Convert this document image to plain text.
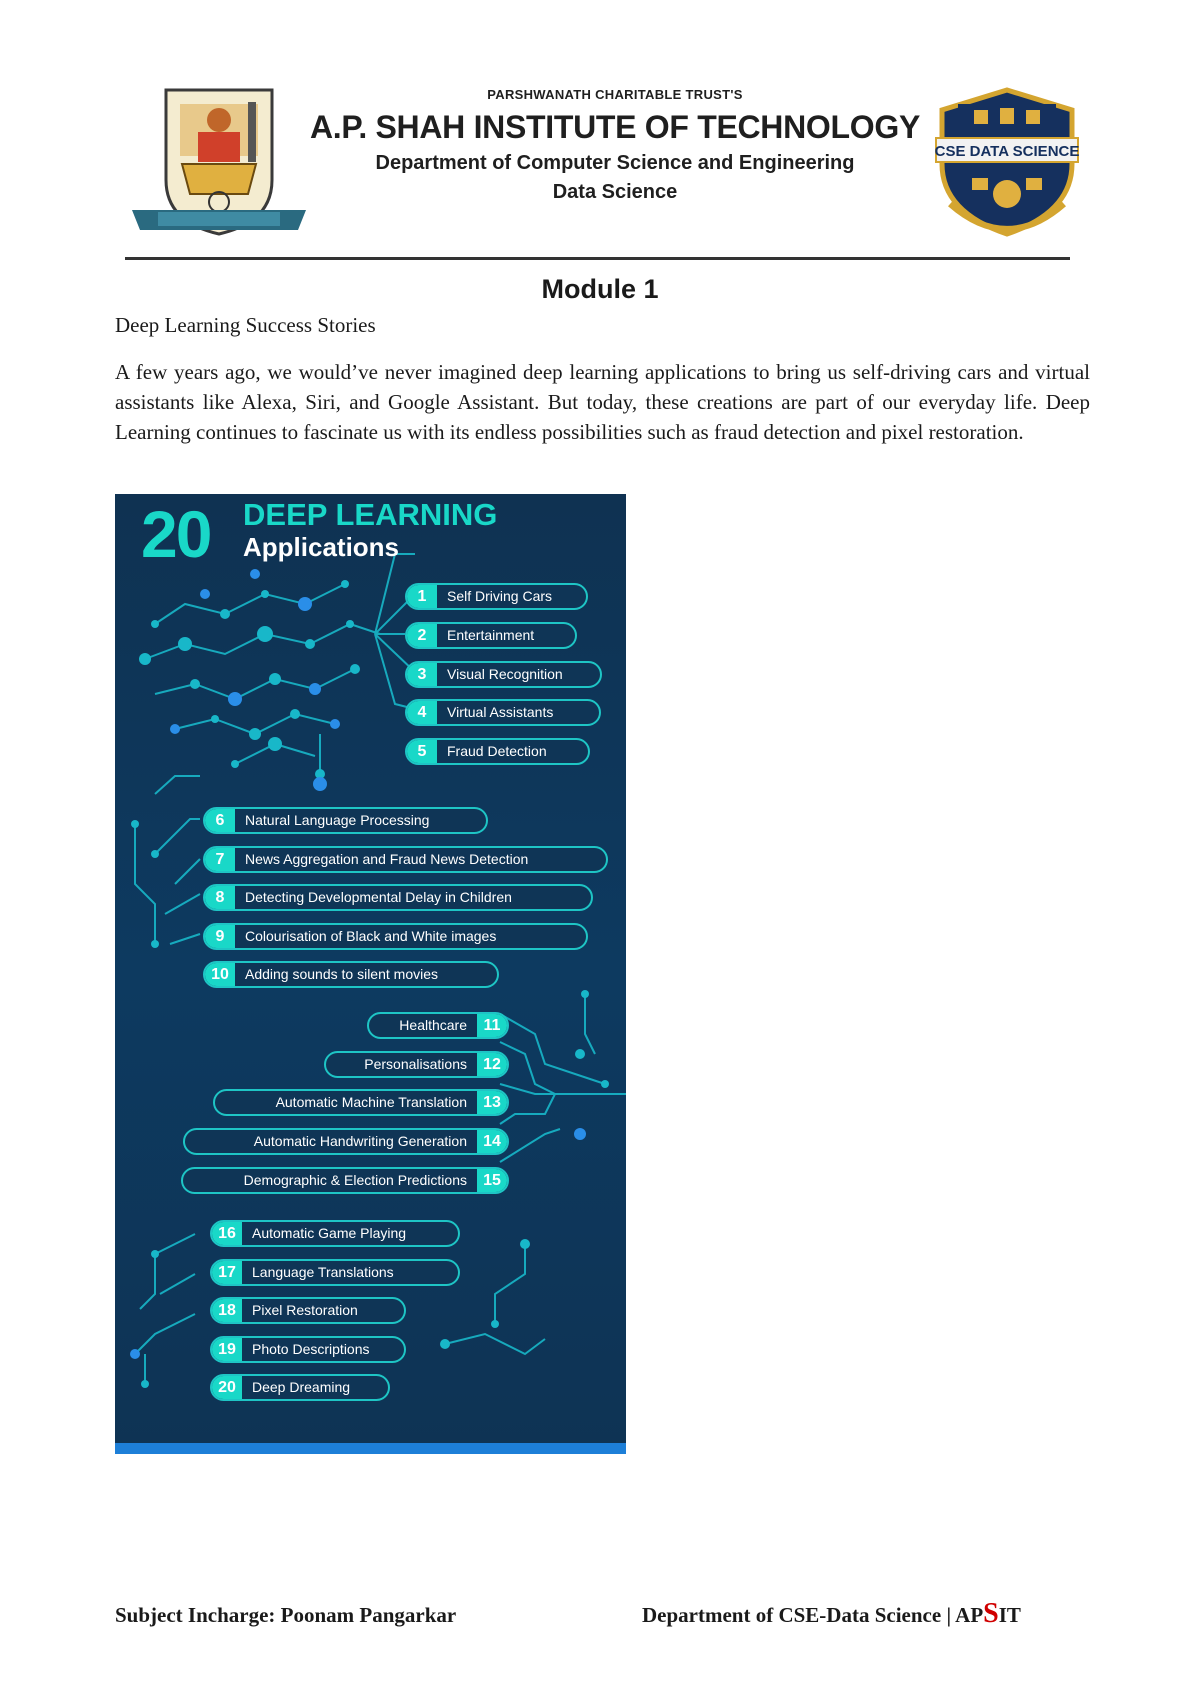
PARSHWANATH CHARITABLE TRUST'S
A.P. SHAH INSTITUTE OF TECHNOLOGY
Department of Computer Science and Engineering
Data Science
CSE DATA SCIENCE
Module 1
Deep Learning Success Stories
A few years ago, we would’ve never imagined deep learning applications to bring us self-driving cars and virtual assistants like Alexa, Siri, and Google Assistant. But today, these creations are part of our everyday life. Deep Learning continues to fascinate us with its endless possibilities such as fraud detection and pixel restoration.
20 DEEP LEARNING
Applications
1	Self Driving Cars
2	Entertainment
3	Visual Recognition
4	Virtual Assistants
5	Fraud Detection
6	Natural Language Processing
7	News Aggregation and Fraud News Detection
8	Detecting Developmental Delay in Children
9	Colourisation of Black and White images
10	Adding sounds to silent movies
Healthcare	11
Personalisations	12
Automatic Machine Translation	13
Automatic Handwriting Generation	14
Demographic & Election Predictions	15
16	Automatic Game Playing
17	Language Translations
18	Pixel Restoration
19	Photo Descriptions
20	Deep Dreaming
Subject Incharge: Poonam Pangarkar	Department of CSE-Data Science | APSIT
